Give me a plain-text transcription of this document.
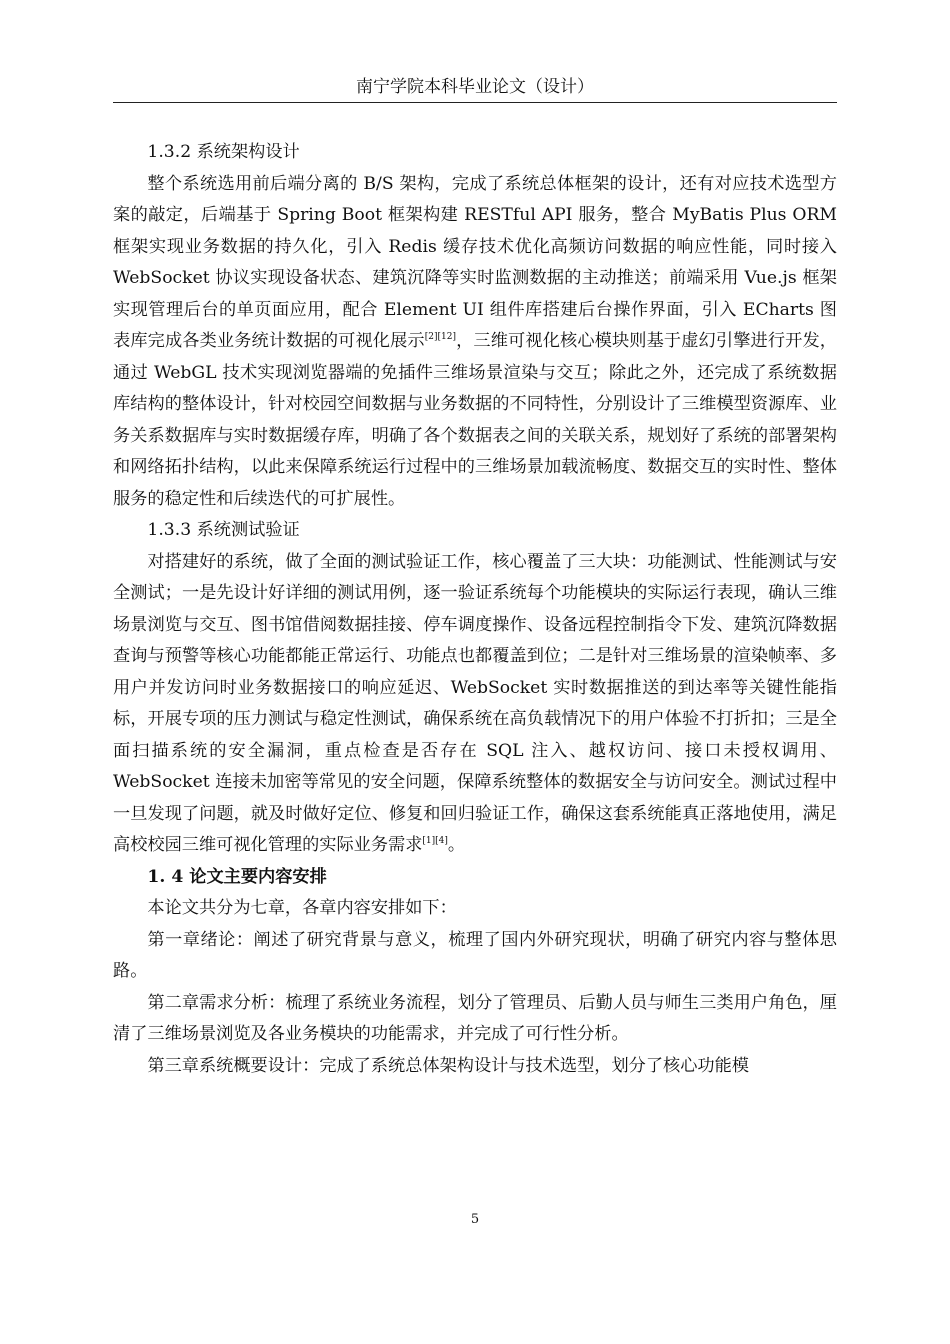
南宁学院本科毕业论文（设计）

1.3.2 系统架构设计

整个系统选用前后端分离的 B/S 架构，完成了系统总体框架的设计，还有对应技术选型方案的敲定，后端基于 Spring Boot 框架构建 RESTful API 服务，整合 MyBatis Plus ORM 框架实现业务数据的持久化，引入 Redis 缓存技术优化高频访问数据的响应性能，同时接入 WebSocket 协议实现设备状态、建筑沉降等实时监测数据的主动推送；前端采用 Vue.js 框架实现管理后台的单页面应用，配合 Element UI 组件库搭建后台操作界面，引入 ECharts 图表库完成各类业务统计数据的可视化展示[2][12]，三维可视化核心模块则基于虚幻引擎进行开发，通过 WebGL 技术实现浏览器端的免插件三维场景渲染与交互；除此之外，还完成了系统数据库结构的整体设计，针对校园空间数据与业务数据的不同特性，分别设计了三维模型资源库、业务关系数据库与实时数据缓存库，明确了各个数据表之间的关联关系，规划好了系统的部署架构和网络拓扑结构，以此来保障系统运行过程中的三维场景加载流畅度、数据交互的实时性、整体服务的稳定性和后续迭代的可扩展性。

1.3.3 系统测试验证

对搭建好的系统，做了全面的测试验证工作，核心覆盖了三大块：功能测试、性能测试与安全测试；一是先设计好详细的测试用例，逐一验证系统每个功能模块的实际运行表现，确认三维场景浏览与交互、图书馆借阅数据挂接、停车调度操作、设备远程控制指令下发、建筑沉降数据查询与预警等核心功能都能正常运行、功能点也都覆盖到位；二是针对三维场景的渲染帧率、多用户并发访问时业务数据接口的响应延迟、WebSocket 实时数据推送的到达率等关键性能指标，开展专项的压力测试与稳定性测试，确保系统在高负载情况下的用户体验不打折扣；三是全面扫描系统的安全漏洞，重点检查是否存在 SQL 注入、越权访问、接口未授权调用、WebSocket 连接未加密等常见的安全问题，保障系统整体的数据安全与访问安全。测试过程中一旦发现了问题，就及时做好定位、修复和回归验证工作，确保这套系统能真正落地使用，满足高校校园三维可视化管理的实际业务需求[1][4]。

1. 4 论文主要内容安排

本论文共分为七章，各章内容安排如下：

第一章绪论：阐述了研究背景与意义，梳理了国内外研究现状，明确了研究内容与整体思路。

第二章需求分析：梳理了系统业务流程，划分了管理员、后勤人员与师生三类用户角色，厘清了三维场景浏览及各业务模块的功能需求，并完成了可行性分析。

第三章系统概要设计：完成了系统总体架构设计与技术选型，划分了核心功能模

5
